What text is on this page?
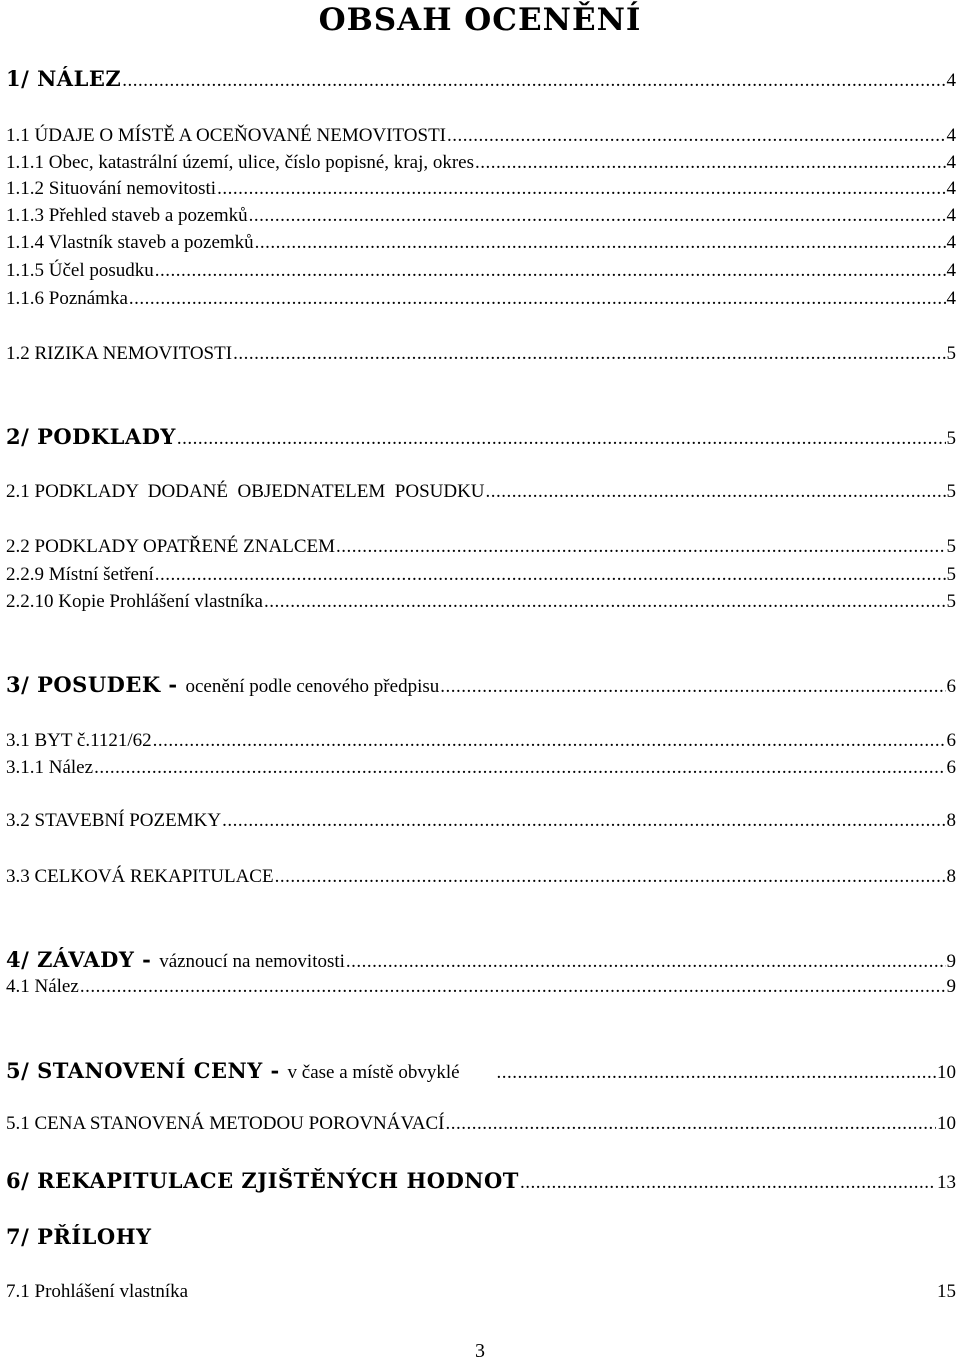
OBSAH OCENĚNÍ
1/ NÁLEZ .....	4
1.1 ÚDAJE O MÍSTĚ A OCEŇOVANÉ NEMOVITOSTI .....	4
1.1.1 Obec, katastrální území, ulice, číslo popisné, kraj, okres .....	4
1.1.2 Situování nemovitosti .....	4
1.1.3 Přehled staveb a pozemků .....	4
1.1.4 Vlastník staveb a pozemků .....	4
1.1.5 Účel posudku .....	4
1.1.6 Poznámka .....	4
1.2 RIZIKA NEMOVITOSTI .....	5
2/ PODKLADY .....	5
2.1 PODKLADY  DODANÉ  OBJEDNATELEM  POSUDKU .....	5
2.2 PODKLADY OPATŘENÉ ZNALCEM .....	5
2.2.9 Místní šetření .....	5
2.2.10 Kopie Prohlášení vlastníka .....	5
3/ POSUDEK - ocenění podle cenového předpisu .....	6
3.1 BYT č.1121/62 .....	6
3.1.1 Nález .....	6
3.2 STAVEBNÍ POZEMKY .....	8
3.3 CELKOVÁ REKAPITULACE .....	8
4/ ZÁVADY - váznoucí na nemovitosti .....	9
4.1 Nález .....	9
5/ STANOVENÍ CENY - v čase a místě obvyklé .....	10
5.1 CENA STANOVENÁ METODOU POROVNÁVACÍ .....	10
6/ REKAPITULACE ZJIŠTĚNÝCH HODNOT .....	13
7/ PŘÍLOHY
7.1 Prohlášení vlastníka	15
3
